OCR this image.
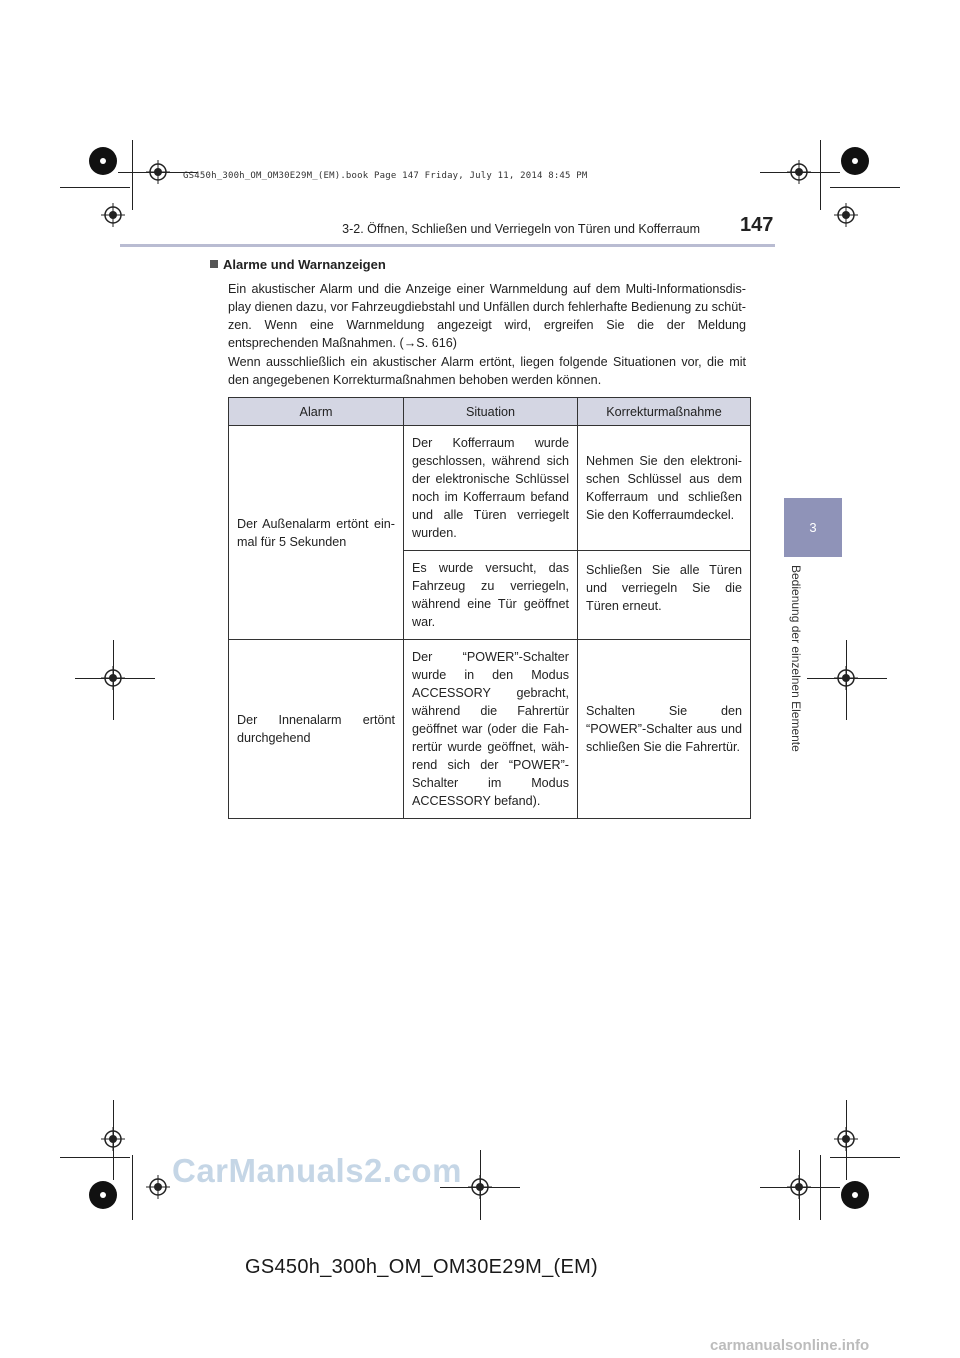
GS450h_300h_OM_OM30E29M_(EM).book Page 147 Friday, July 11, 2014 8:45 PM
3-2. Öffnen, Schließen und Verriegeln von Türen und Kofferraum 147
3
Bedienung der einzelnen Elemente
Alarme und Warnanzeigen
Ein akustischer Alarm und die Anzeige einer Warnmeldung auf dem Multi-Informationsdisplay dienen dazu, vor Fahrzeugdiebstahl und Unfällen durch fehlerhafte Bedienung zu schützen. Wenn eine Warnmeldung angezeigt wird, ergreifen Sie die der Meldung entsprechenden Maßnahmen. (→S. 616)
Wenn ausschließlich ein akustischer Alarm ertönt, liegen folgende Situationen vor, die mit den angegebenen Korrekturmaßnahmen behoben werden können.
Alarm	Situation	Korrekturmaßnahme
Der Außenalarm ertönt einmal für 5 Sekunden	Der Kofferraum wurde geschlossen, während sich der elektronische Schlüssel noch im Kofferraum befand und alle Türen verriegelt wurden.	Nehmen Sie den elektronischen Schlüssel aus dem Kofferraum und schließen Sie den Kofferraumdeckel.
	Es wurde versucht, das Fahrzeug zu verriegeln, während eine Tür geöffnet war.	Schließen Sie alle Türen und verriegeln Sie die Türen erneut.
Der Innenalarm ertönt durchgehend	Der “POWER”-Schalter wurde in den Modus ACCESSORY gebracht, während die Fahrertür geöffnet war (oder die Fahrertür wurde geöffnet, während sich der “POWER”-Schalter im Modus ACCESSORY befand).	Schalten Sie den “POWER”-Schalter aus und schließen Sie die Fahrertür.
CarManuals2.com
GS450h_300h_OM_OM30E29M_(EM)
carmanualsonline.info
